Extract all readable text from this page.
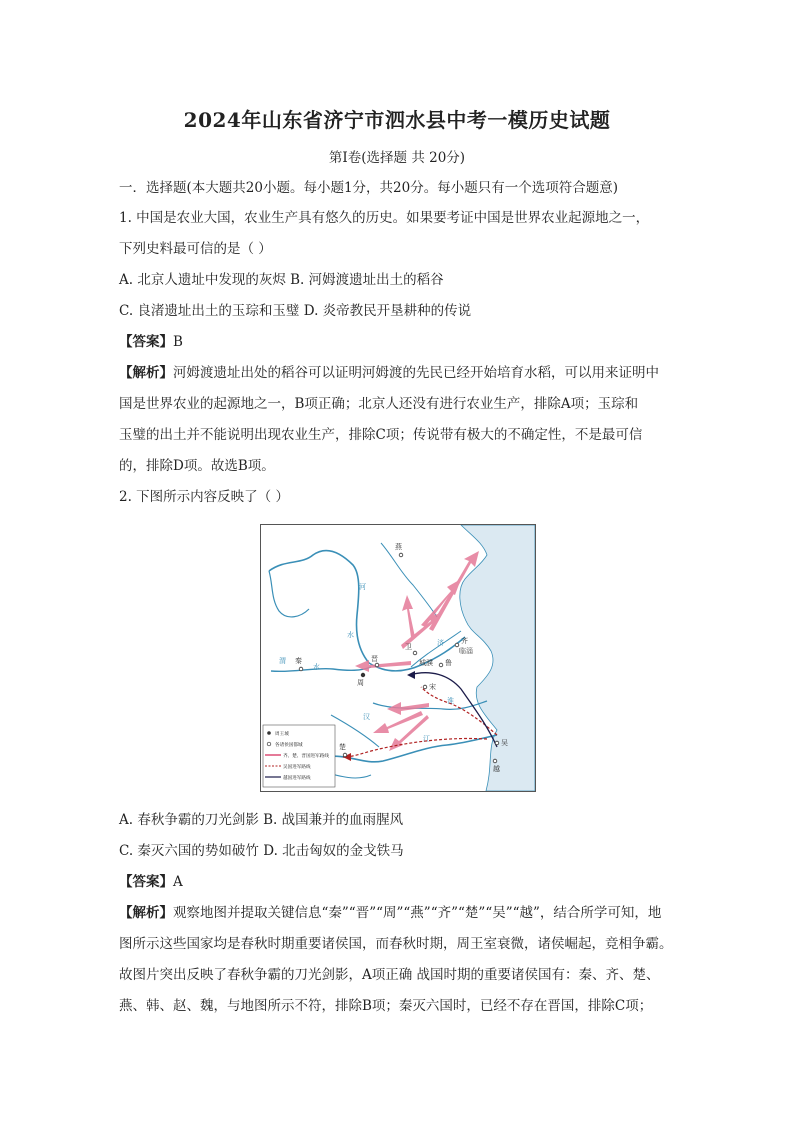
2024年山东省济宁市泗水县中考一模历史试题
第Ⅰ卷(选择题 共 20分)
一．选择题(本大题共20小题。每小题1分，共20分。每小题只有一个选项符合题意)
1. 中国是农业大国，农业生产具有悠久的历史。如果要考证中国是世界农业起源地之一，
下列史料最可信的是（ ）
A. 北京人遗址中发现的灰烬 B. 河姆渡遗址出土的稻谷
C. 良渚遗址出土的玉琮和玉璧 D. 炎帝教民开垦耕种的传说
【答案】B
【解析】河姆渡遗址出处的稻谷可以证明河姆渡的先民已经开始培育水稻，可以用来证明中
国是世界农业的起源地之一，B项正确；北京人还没有进行农业生产，排除A项；玉琮和
玉璧的出土并不能说明出现农业生产，排除C项；传说带有极大的不确定性，不是最可信
的，排除D项。故选B项。
2. 下图所示内容反映了（ ）
河
水
渭
济
淮
江
水
汉
燕
齐
临淄
卫
鲁
城濮
晋
秦
周	宋
楚	吴
越
周王城
各诸侯国都城
齐、楚、晋国进军路线
吴国进军路线
越国进军路线
A. 春秋争霸的刀光剑影 B. 战国兼并的血雨腥风
C. 秦灭六国的势如破竹 D. 北击匈奴的金戈铁马
【答案】A
【解析】观察地图并提取关键信息“秦”“晋”“周”“燕”“齐”“楚”“吴”“越”，结合所学可知，地
图所示这些国家均是春秋时期重要诸侯国，而春秋时期，周王室衰微，诸侯崛起，竞相争霸。
故图片突出反映了春秋争霸的刀光剑影，A项正确 战国时期的重要诸侯国有：秦、齐、楚、
燕、韩、赵、魏，与地图所示不符，排除B项；秦灭六国时，已经不存在晋国，排除C项；
